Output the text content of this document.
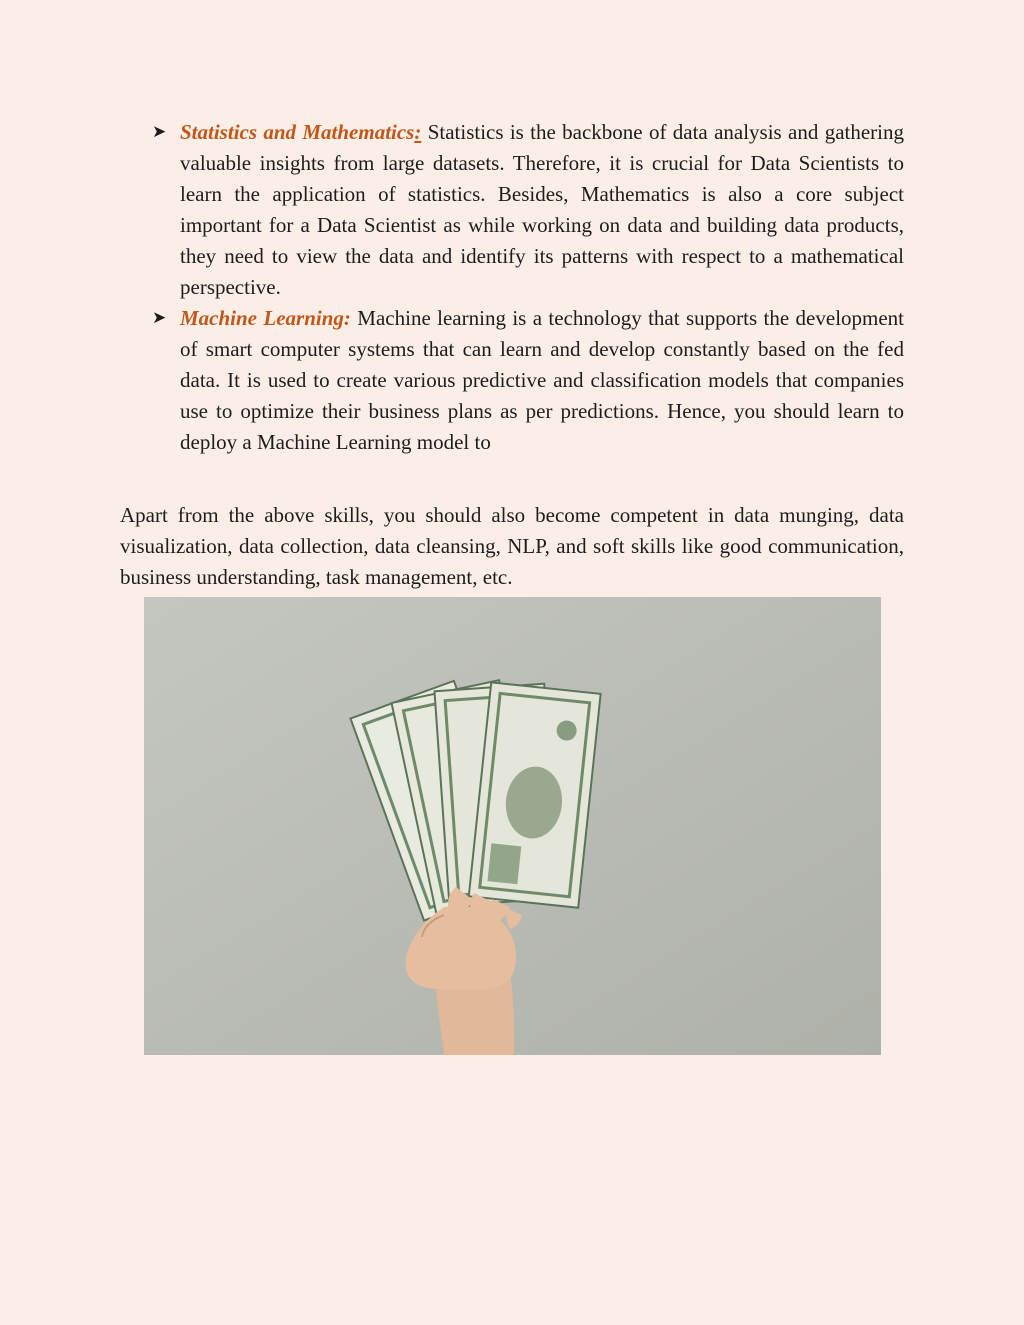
➤ Statistics and Mathematics: Statistics is the backbone of data analysis and gathering valuable insights from large datasets. Therefore, it is crucial for Data Scientists to learn the application of statistics. Besides, Mathematics is also a core subject important for a Data Scientist as while working on data and building data products, they need to view the data and identify its patterns with respect to a mathematical perspective.
➤ Machine Learning: Machine learning is a technology that supports the development of smart computer systems that can learn and develop constantly based on the fed data. It is used to create various predictive and classification models that companies use to optimize their business plans as per predictions. Hence, you should learn to deploy a Machine Learning model to

Apart from the above skills, you should also become competent in data munging, data visualization, data collection, data cleansing, NLP, and soft skills like good communication, business understanding, task management, etc.
